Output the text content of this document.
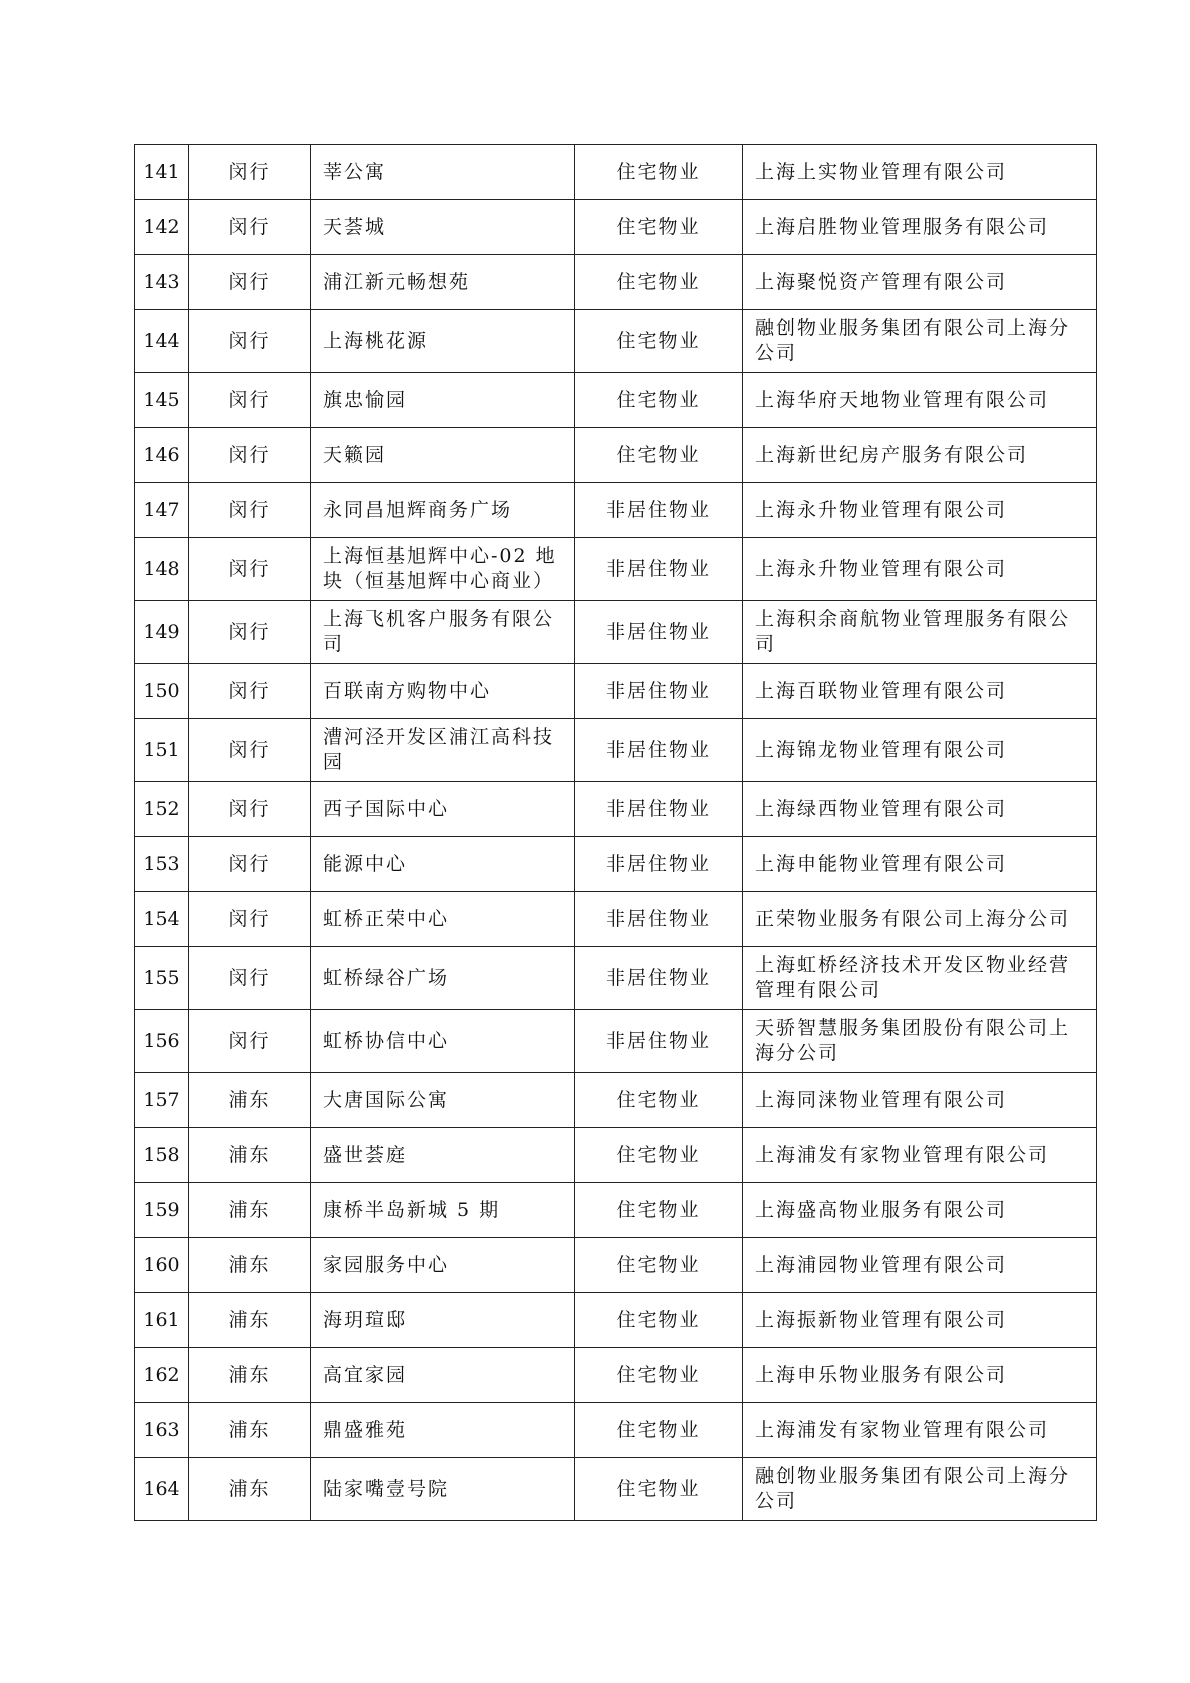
141	闵行	莘公寓	住宅物业	上海上实物业管理有限公司
142	闵行	天荟城	住宅物业	上海启胜物业管理服务有限公司
143	闵行	浦江新元畅想苑	住宅物业	上海聚悦资产管理有限公司
144	闵行	上海桃花源	住宅物业	融创物业服务集团有限公司上海分公司
145	闵行	旗忠愉园	住宅物业	上海华府天地物业管理有限公司
146	闵行	天籁园	住宅物业	上海新世纪房产服务有限公司
147	闵行	永同昌旭辉商务广场	非居住物业	上海永升物业管理有限公司
148	闵行	上海恒基旭辉中心-02 地块（恒基旭辉中心商业）	非居住物业	上海永升物业管理有限公司
149	闵行	上海飞机客户服务有限公司	非居住物业	上海积余商航物业管理服务有限公司
150	闵行	百联南方购物中心	非居住物业	上海百联物业管理有限公司
151	闵行	漕河泾开发区浦江高科技园	非居住物业	上海锦龙物业管理有限公司
152	闵行	西子国际中心	非居住物业	上海绿西物业管理有限公司
153	闵行	能源中心	非居住物业	上海申能物业管理有限公司
154	闵行	虹桥正荣中心	非居住物业	正荣物业服务有限公司上海分公司
155	闵行	虹桥绿谷广场	非居住物业	上海虹桥经济技术开发区物业经营管理有限公司
156	闵行	虹桥协信中心	非居住物业	天骄智慧服务集团股份有限公司上海分公司
157	浦东	大唐国际公寓	住宅物业	上海同涞物业管理有限公司
158	浦东	盛世荟庭	住宅物业	上海浦发有家物业管理有限公司
159	浦东	康桥半岛新城 5 期	住宅物业	上海盛高物业服务有限公司
160	浦东	家园服务中心	住宅物业	上海浦园物业管理有限公司
161	浦东	海玥瑄邸	住宅物业	上海振新物业管理有限公司
162	浦东	高宜家园	住宅物业	上海申乐物业服务有限公司
163	浦东	鼎盛雅苑	住宅物业	上海浦发有家物业管理有限公司
164	浦东	陆家嘴壹号院	住宅物业	融创物业服务集团有限公司上海分公司
